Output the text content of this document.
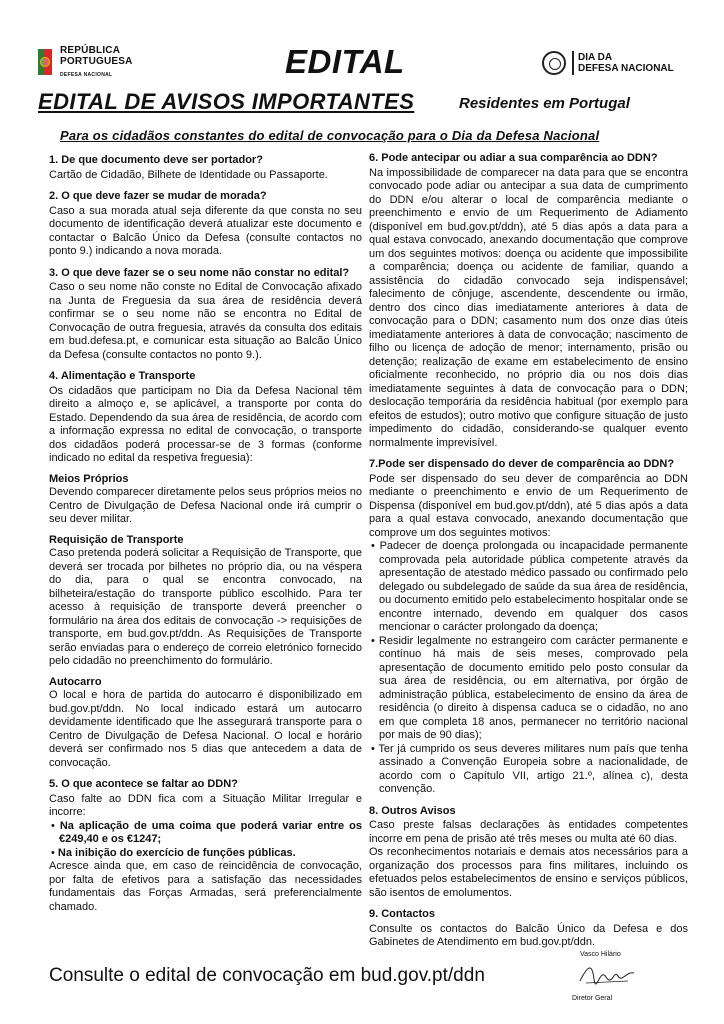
REPÚBLICA
PORTUGUESA
DEFESA NACIONAL	EDITAL	DIA DA
DEFESA NACIONAL
EDITAL DE AVISOS IMPORTANTES	Residentes em Portugal
Para os cidadãos constantes do edital de convocação para o Dia da Defesa Nacional
1. De que documento deve ser portador?

Cartão de Cidadão, Bilhete de Identidade ou Passaporte.

2. O que deve fazer se mudar de morada?

Caso a sua morada atual seja diferente da que consta no seu documento de identificação deverá atualizar este documento e contactar o Balcão Único da Defesa (consulte contactos no ponto 9.) indicando a nova morada.

3. O que deve fazer se o seu nome não constar no edital?

Caso o seu nome não conste no Edital de Convocação afixado na Junta de Freguesia da sua área de residência deverá confirmar se o seu nome não se encontra no Edital de Convocação de outra freguesia, através da consulta dos editais em bud.defesa.pt, e comunicar esta situação ao Balcão Único da Defesa (consulte contactos no ponto 9.).

4. Alimentação e Transporte

Os cidadãos que participam no Dia da Defesa Nacional têm direito a almoço e, se aplicável, a transporte por conta do Estado. Dependendo da sua área de residência, de acordo com a informação expressa no edital de convocação, o transporte dos cidadãos poderá processar-se de 3 formas (conforme indicado no edital da respetiva freguesia):

Meios Próprios

Devendo comparecer diretamente pelos seus próprios meios no Centro de Divulgação de Defesa Nacional onde irá cumprir o seu dever militar.

Requisição de Transporte

Caso pretenda poderá solicitar a Requisição de Transporte, que deverá ser trocada por bilhetes no próprio dia, ou na véspera do dia, para o qual se encontra convocado, na bilheteira/estação do transporte público escolhido. Para ter acesso à requisição de transporte deverá preencher o formulário na área dos editais de convocação -> requisições de transporte, em bud.gov.pt/ddn. As Requisições de Transporte serão enviadas para o endereço de correio eletrónico fornecido pelo cidadão no preenchimento do formulário.

Autocarro

O local e hora de partida do autocarro é disponibilizado em bud.gov.pt/ddn. No local indicado estará um autocarro devidamente identificado que lhe assegurará transporte para o Centro de Divulgação de Defesa Nacional. O local e horário deverá ser confirmado nos 5 dias que antecedem a data de convocação.

5. O que acontece se faltar ao DDN?

Caso falte ao DDN fica com a Situação Militar Irregular e incorre:

• Na aplicação de uma coima que poderá variar entre os €249,40 e os €1247;

• Na inibição do exercício de funções públicas.

Acresce ainda que, em caso de reincidência de convocação, por falta de efetivos para a satisfação das necessidades fundamentais das Forças Armadas, será preferencialmente chamado.

6. Pode antecipar ou adiar a sua comparência ao DDN?

Na impossibilidade de comparecer na data para que se encontra convocado pode adiar ou antecipar a sua data de cumprimento do DDN e/ou alterar o local de comparência mediante o preenchimento e envio de um Requerimento de Adiamento (disponível em bud.gov.pt/ddn), até 5 dias após a data para a qual estava convocado, anexando documentação que comprove um dos seguintes motivos: doença ou acidente que impossibilite a comparência; doença ou acidente de familiar, quando a assistência do cidadão convocado seja indispensável; falecimento de cônjuge, ascendente, descendente ou irmão, dentro dos cinco dias imediatamente anteriores à data de convocação para o DDN; casamento num dos onze dias úteis imediatamente anteriores à data de convocação; nascimento de filho ou licença de adoção de menor; internamento, prisão ou detenção; realização de exame em estabelecimento de ensino oficialmente reconhecido, no próprio dia ou nos dois dias imediatamente seguintes à data de convocação para o DDN; deslocação temporária da residência habitual (por exemplo para efeitos de estudos); outro motivo que configure situação de justo impedimento do cidadão, considerando-se qualquer evento normalmente imprevisível.

7.Pode ser dispensado do dever de comparência ao DDN?

Pode ser dispensado do seu dever de comparência ao DDN mediante o preenchimento e envio de um Requerimento de Dispensa (disponível em bud.gov.pt/ddn), até 5 dias após a data para a qual estava convocado, anexando documentação que comprove um dos seguintes motivos:

• Padecer de doença prolongada ou incapacidade permanente comprovada pela autoridade pública competente através da apresentação de atestado médico passado ou confirmado pelo delegado ou subdelegado de saúde da sua área de residência, ou documento emitido pelo estabelecimento hospitalar onde se encontre internado, devendo em qualquer dos casos mencionar o carácter prolongado da doença;

• Residir legalmente no estrangeiro com carácter permanente e contínuo há mais de seis meses, comprovado pela apresentação de documento emitido pelo posto consular da sua área de residência, ou em alternativa, por órgão de administração pública, estabelecimento de ensino da área de residência (o direito à dispensa caduca se o cidadão, no ano em que completa 18 anos, permanecer no território nacional por mais de 90 dias);

• Ter já cumprido os seus deveres militares num país que tenha assinado a Convenção Europeia sobre a nacionalidade, de acordo com o Capítulo VII, artigo 21.º, alínea c), desta convenção.

8. Outros Avisos

Caso preste falsas declarações às entidades competentes incorre em pena de prisão até três meses ou multa até 60 dias.

Os reconhecimentos notariais e demais atos necessários para a organização dos processos para fins militares, incluindo os efetuados pelos estabelecimentos de ensino e serviços públicos, são isentos de emolumentos.

9. Contactos

Consulte os contactos do Balcão Único da Defesa e dos Gabinetes de Atendimento em bud.gov.pt/ddn.

Consulte o edital de convocação em bud.gov.pt/ddn
Vasco Hilário
Diretor Geral
